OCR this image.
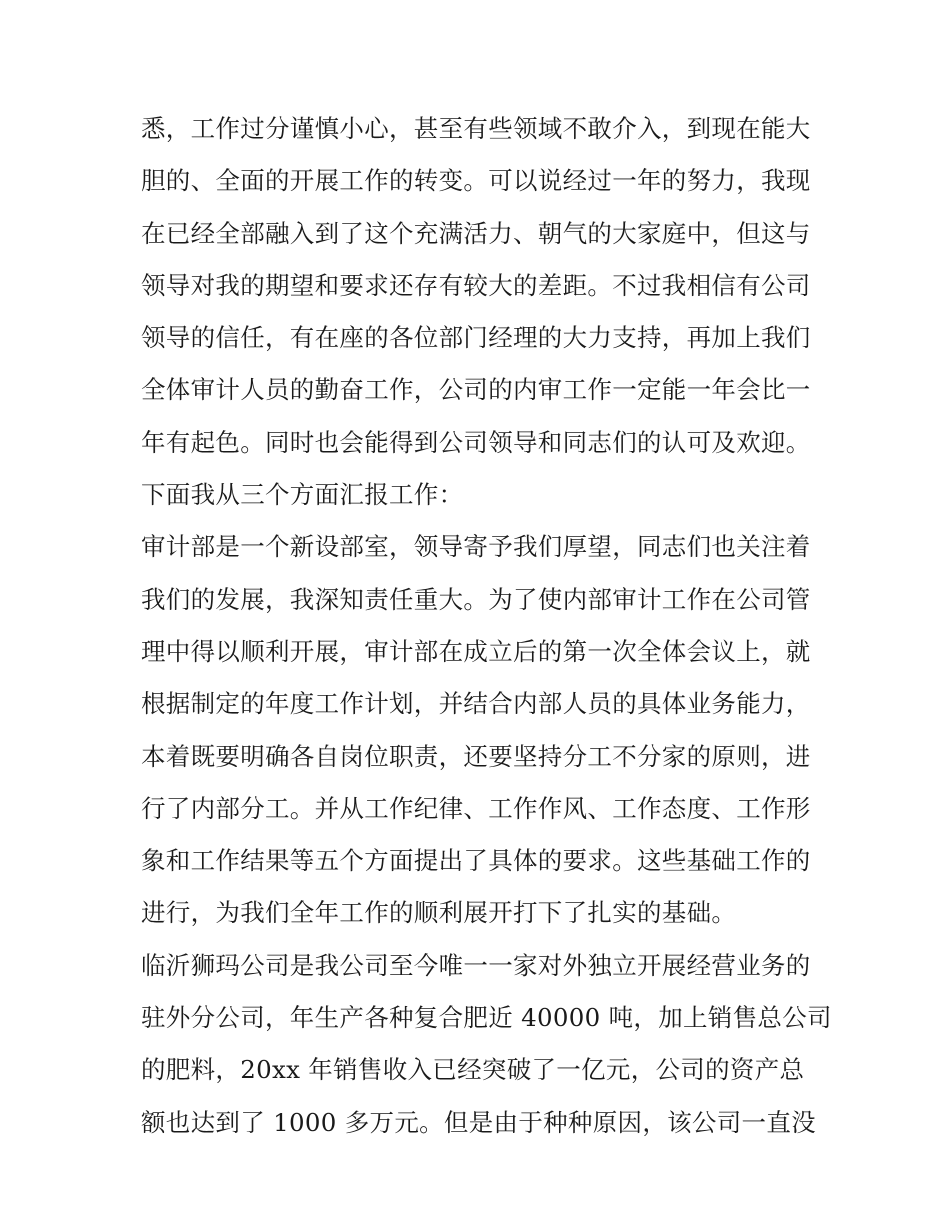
悉，工作过分谨慎小心，甚至有些领域不敢介入，到现在能大
胆的、全面的开展工作的转变。可以说经过一年的努力，我现
在已经全部融入到了这个充满活力、朝气的大家庭中，但这与
领导对我的期望和要求还存有较大的差距。不过我相信有公司
领导的信任，有在座的各位部门经理的大力支持，再加上我们
全体审计人员的勤奋工作，公司的内审工作一定能一年会比一
年有起色。同时也会能得到公司领导和同志们的认可及欢迎。
下面我从三个方面汇报工作：
审计部是一个新设部室，领导寄予我们厚望，同志们也关注着
我们的发展，我深知责任重大。为了使内部审计工作在公司管
理中得以顺利开展，审计部在成立后的第一次全体会议上，就
根据制定的年度工作计划，并结合内部人员的具体业务能力，
本着既要明确各自岗位职责，还要坚持分工不分家的原则，进
行了内部分工。并从工作纪律、工作作风、工作态度、工作形
象和工作结果等五个方面提出了具体的要求。这些基础工作的
进行，为我们全年工作的顺利展开打下了扎实的基础。
临沂狮玛公司是我公司至今唯一一家对外独立开展经营业务的
驻外分公司，年生产各种复合肥近 40000 吨，加上销售总公司
的肥料，20xx 年销售收入已经突破了一亿元，公司的资产总
额也达到了 1000 多万元。但是由于种种原因，该公司一直没
